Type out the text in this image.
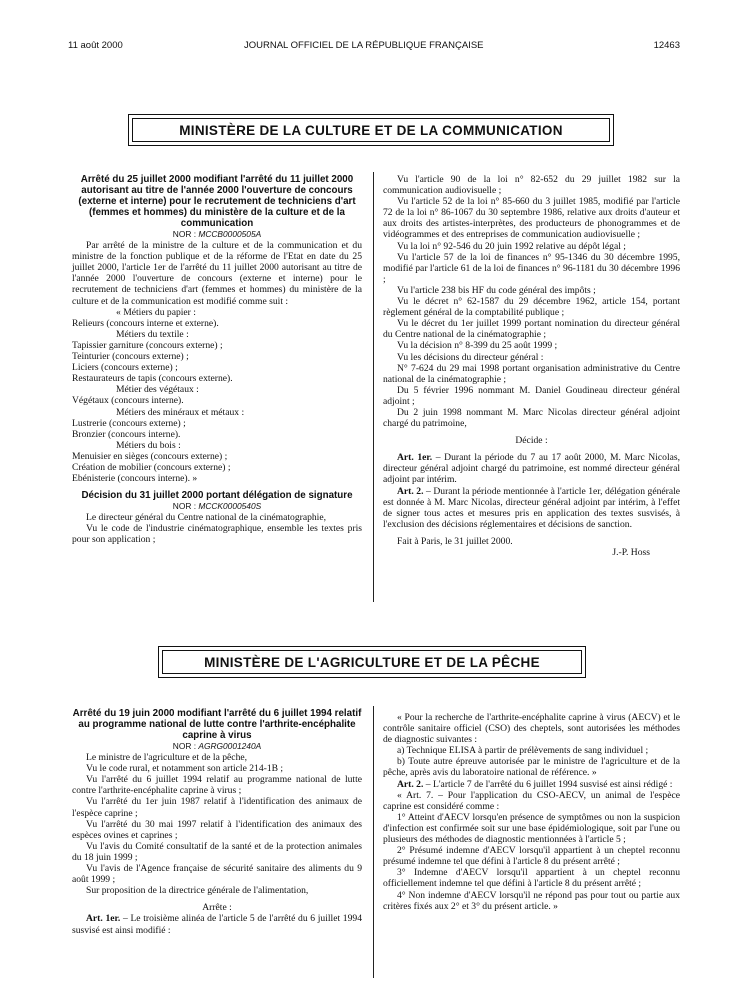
11 août 2000	JOURNAL OFFICIEL DE LA RÉPUBLIQUE FRANÇAISE	12463
MINISTÈRE DE LA CULTURE ET DE LA COMMUNICATION

Arrêté du 25 juillet 2000 modifiant l'arrêté du 11 juillet 2000 autorisant au titre de l'année 2000 l'ouverture de concours (externe et interne) pour le recrutement de techniciens d'art (femmes et hommes) du ministère de la culture et de la communication

NOR : MCCB0000505A

Par arrêté de la ministre de la culture et de la communication et du ministre de la fonction publique et de la réforme de l'Etat en date du 25 juillet 2000, l'article 1er de l'arrêté du 11 juillet 2000 autorisant au titre de l'année 2000 l'ouverture de concours (externe et interne) pour le recrutement de techniciens d'art (femmes et hommes) du ministère de la culture et de la communication est modifié comme suit :

« Métiers du papier :

Relieurs (concours interne et externe).

Métiers du textile :

Tapissier garniture (concours externe) ;

Teinturier (concours externe) ;

Liciers (concours externe) ;

Restaurateurs de tapis (concours externe).

Métier des végétaux :

Végétaux (concours interne).

Métiers des minéraux et métaux :

Lustrerie (concours externe) ;

Bronzier (concours interne).

Métiers du bois :

Menuisier en sièges (concours externe) ;

Création de mobilier (concours externe) ;

Ebénisterie (concours interne). »

Décision du 31 juillet 2000 portant délégation de signature

NOR : MCCK0000540S

Le directeur général du Centre national de la cinématographie,

Vu le code de l'industrie cinématographique, ensemble les textes pris pour son application ;

Vu l'article 90 de la loi n° 82-652 du 29 juillet 1982 sur la communication audiovisuelle ;

Vu l'article 52 de la loi n° 85-660 du 3 juillet 1985, modifié par l'article 72 de la loi n° 86-1067 du 30 septembre 1986, relative aux droits d'auteur et aux droits des artistes-interprètes, des producteurs de phonogrammes et de vidéogrammes et des entreprises de communication audiovisuelle ;

Vu la loi n° 92-546 du 20 juin 1992 relative au dépôt légal ;

Vu l'article 57 de la loi de finances n° 95-1346 du 30 décembre 1995, modifié par l'article 61 de la loi de finances n° 96-1181 du 30 décembre 1996 ;

Vu l'article 238 bis HF du code général des impôts ;

Vu le décret n° 62-1587 du 29 décembre 1962, article 154, portant règlement général de la comptabilité publique ;

Vu le décret du 1er juillet 1999 portant nomination du directeur général du Centre national de la cinématographie ;

Vu la décision n° 8-399 du 25 août 1999 ;

Vu les décisions du directeur général :

N° 7-624 du 29 mai 1998 portant organisation administrative du Centre national de la cinématographie ;

Du 5 février 1996 nommant M. Daniel Goudineau directeur général adjoint ;

Du 2 juin 1998 nommant M. Marc Nicolas directeur général adjoint chargé du patrimoine,

Décide :

Art. 1er. – Durant la période du 7 au 17 août 2000, M. Marc Nicolas, directeur général adjoint chargé du patrimoine, est nommé directeur général adjoint par intérim.

Art. 2. – Durant la période mentionnée à l'article 1er, délégation générale est donnée à M. Marc Nicolas, directeur général adjoint par intérim, à l'effet de signer tous actes et mesures pris en application des textes susvisés, à l'exclusion des décisions réglementaires et décisions de sanction.

Fait à Paris, le 31 juillet 2000.

J.-P. Hoss

MINISTÈRE DE L'AGRICULTURE ET DE LA PÊCHE

Arrêté du 19 juin 2000 modifiant l'arrêté du 6 juillet 1994 relatif au programme national de lutte contre l'arthrite-encéphalite caprine à virus

NOR : AGRG0001240A

Le ministre de l'agriculture et de la pêche,

Vu le code rural, et notamment son article 214-1B ;

Vu l'arrêté du 6 juillet 1994 relatif au programme national de lutte contre l'arthrite-encéphalite caprine à virus ;

Vu l'arrêté du 1er juin 1987 relatif à l'identification des animaux de l'espèce caprine ;

Vu l'arrêté du 30 mai 1997 relatif à l'identification des animaux des espèces ovines et caprines ;

Vu l'avis du Comité consultatif de la santé et de la protection animales du 18 juin 1999 ;

Vu l'avis de l'Agence française de sécurité sanitaire des aliments du 9 août 1999 ;

Sur proposition de la directrice générale de l'alimentation,

Arrête :

Art. 1er. – Le troisième alinéa de l'article 5 de l'arrêté du 6 juillet 1994 susvisé est ainsi modifié :

« Pour la recherche de l'arthrite-encéphalite caprine à virus (AECV) et le contrôle sanitaire officiel (CSO) des cheptels, sont autorisées les méthodes de diagnostic suivantes :

a) Technique ELISA à partir de prélèvements de sang individuel ;

b) Toute autre épreuve autorisée par le ministre de l'agriculture et de la pêche, après avis du laboratoire national de référence. »

Art. 2. – L'article 7 de l'arrêté du 6 juillet 1994 susvisé est ainsi rédigé :

« Art. 7. – Pour l'application du CSO-AECV, un animal de l'espèce caprine est considéré comme :

1° Atteint d'AECV lorsqu'en présence de symptômes ou non la suspicion d'infection est confirmée soit sur une base épidémiologique, soit par l'une ou plusieurs des méthodes de diagnostic mentionnées à l'article 5 ;

2° Présumé indemne d'AECV lorsqu'il appartient à un cheptel reconnu présumé indemne tel que défini à l'article 8 du présent arrêté ;

3° Indemne d'AECV lorsqu'il appartient à un cheptel reconnu officiellement indemne tel que défini à l'article 8 du présent arrêté ;

4° Non indemne d'AECV lorsqu'il ne répond pas pour tout ou partie aux critères fixés aux 2° et 3° du présent article. »
